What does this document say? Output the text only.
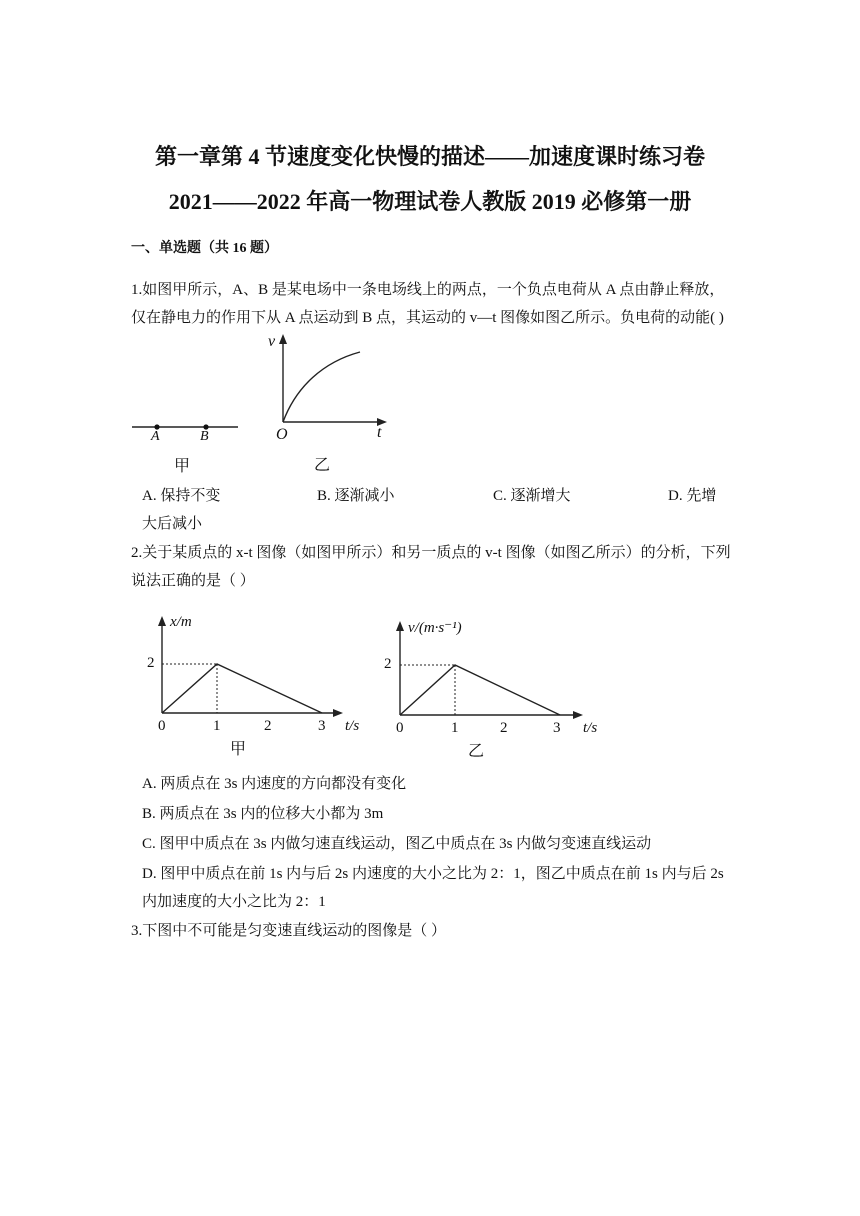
第一章第 4 节速度变化快慢的描述——加速度课时练习卷
2021——2022 年高一物理试卷人教版 2019 必修第一册
一、单选题（共 16 题）
1.如图甲所示，A、B 是某电场中一条电场线上的两点，一个负点电荷从 A 点由静止释放，
仅在静电力的作用下从 A 点运动到 B 点，其运动的 v—t 图像如图乙所示。负电荷的动能( )
A	B
甲
v
t
O
乙
A. 保持不变	B. 逐渐减小	C. 逐渐增大	D. 先增
大后减小
2.关于某质点的 x-t 图像（如图甲所示）和另一质点的 v-t 图像（如图乙所示）的分析，下列
说法正确的是（ ）
x/m
2
0	1	2	3 t/s
甲
v/(m·s⁻¹)
2
0	1	2	3 t/s
乙
A. 两质点在 3s 内速度的方向都没有变化
B. 两质点在 3s 内的位移大小都为 3m
C. 图甲中质点在 3s 内做匀速直线运动，图乙中质点在 3s 内做匀变速直线运动
D. 图甲中质点在前 1s 内与后 2s 内速度的大小之比为 2：1，图乙中质点在前 1s 内与后 2s
内加速度的大小之比为 2：1
3.下图中不可能是匀变速直线运动的图像是（ ）
